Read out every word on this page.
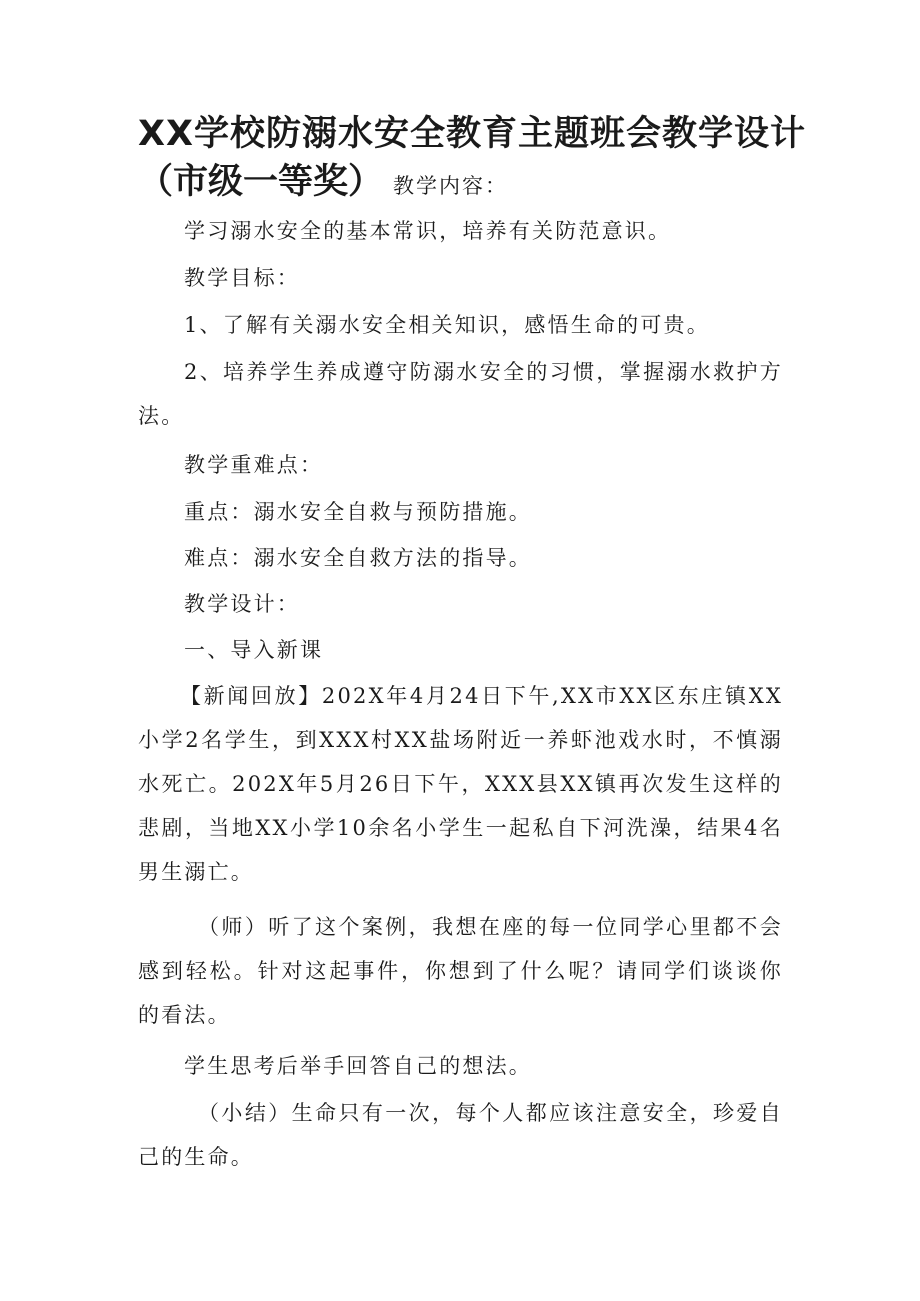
XX学校防溺水安全教育主题班会教学设计
（市级一等奖） 教学内容：
学习溺水安全的基本常识，培养有关防范意识。
教学目标：
1、了解有关溺水安全相关知识，感悟生命的可贵。
2、培养学生养成遵守防溺水安全的习惯，掌握溺水救护方法。
教学重难点：
重点：溺水安全自救与预防措施。
难点：溺水安全自救方法的指导。
教学设计：
一、导入新课
【新闻回放】202X年4月24日下午,XX市XX区东庄镇XX小学2名学生，到XXX村XX盐场附近一养虾池戏水时，不慎溺水死亡。202X年5月26日下午，XXX县XX镇再次发生这样的悲剧，当地XX小学10余名小学生一起私自下河洗澡，结果4名男生溺亡。
（师）听了这个案例，我想在座的每一位同学心里都不会感到轻松。针对这起事件，你想到了什么呢？请同学们谈谈你的看法。
学生思考后举手回答自己的想法。
（小结）生命只有一次，每个人都应该注意安全，珍爱自己的生命。
